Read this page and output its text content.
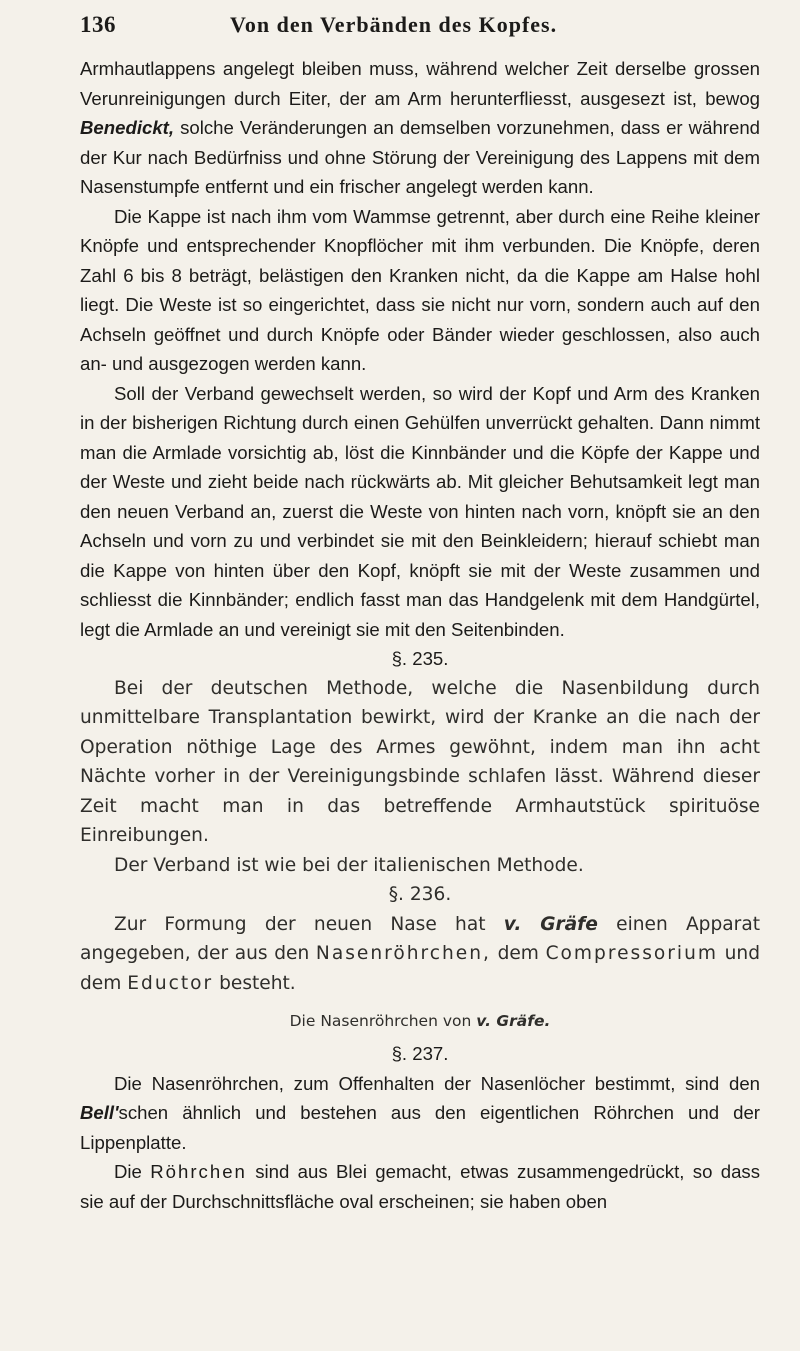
136	Von den Verbänden des Kopfes.

Armhautlappens angelegt bleiben muss, während welcher Zeit derselbe grossen Verunreinigungen durch Eiter, der am Arm herunterfliesst, ausgesezt ist, bewog Benedickt, solche Veränderungen an demselben vorzunehmen, dass er während der Kur nach Bedürfniss und ohne Störung der Vereinigung des Lappens mit dem Nasenstumpfe entfernt und ein frischer angelegt werden kann.

Die Kappe ist nach ihm vom Wammse getrennt, aber durch eine Reihe kleiner Knöpfe und entsprechender Knopflöcher mit ihm verbunden. Die Knöpfe, deren Zahl 6 bis 8 beträgt, belästigen den Kranken nicht, da die Kappe am Halse hohl liegt. Die Weste ist so eingerichtet, dass sie nicht nur vorn, sondern auch auf den Achseln geöffnet und durch Knöpfe oder Bänder wieder geschlossen, also auch an- und ausgezogen werden kann.

Soll der Verband gewechselt werden, so wird der Kopf und Arm des Kranken in der bisherigen Richtung durch einen Gehülfen unverrückt gehalten. Dann nimmt man die Armlade vorsichtig ab, löst die Kinnbänder und die Köpfe der Kappe und der Weste und zieht beide nach rückwärts ab. Mit gleicher Behutsamkeit legt man den neuen Verband an, zuerst die Weste von hinten nach vorn, knöpft sie an den Achseln und vorn zu und verbindet sie mit den Beinkleidern; hierauf schiebt man die Kappe von hinten über den Kopf, knöpft sie mit der Weste zusammen und schliesst die Kinnbänder; endlich fasst man das Handgelenk mit dem Handgürtel, legt die Armlade an und vereinigt sie mit den Seitenbinden.

§. 235.

Bei der deutschen Methode, welche die Nasenbildung durch unmittelbare Transplantation bewirkt, wird der Kranke an die nach der Operation nöthige Lage des Armes gewöhnt, indem man ihn acht Nächte vorher in der Vereinigungsbinde schlafen lässt. Während dieser Zeit macht man in das betreffende Armhautstück spirituöse Einreibungen.

Der Verband ist wie bei der italienischen Methode.

§. 236.

Zur Formung der neuen Nase hat v. Gräfe einen Apparat angegeben, der aus den Nasenröhrchen, dem Compressorium und dem Eductor besteht.

Die Nasenröhrchen von v. Gräfe.

§. 237.

Die Nasenröhrchen, zum Offenhalten der Nasenlöcher bestimmt, sind den Bell'schen ähnlich und bestehen aus den eigentlichen Röhrchen und der Lippenplatte.

Die Röhrchen sind aus Blei gemacht, etwas zusammengedrückt, so dass sie auf der Durchschnittsfläche oval erscheinen; sie haben oben
